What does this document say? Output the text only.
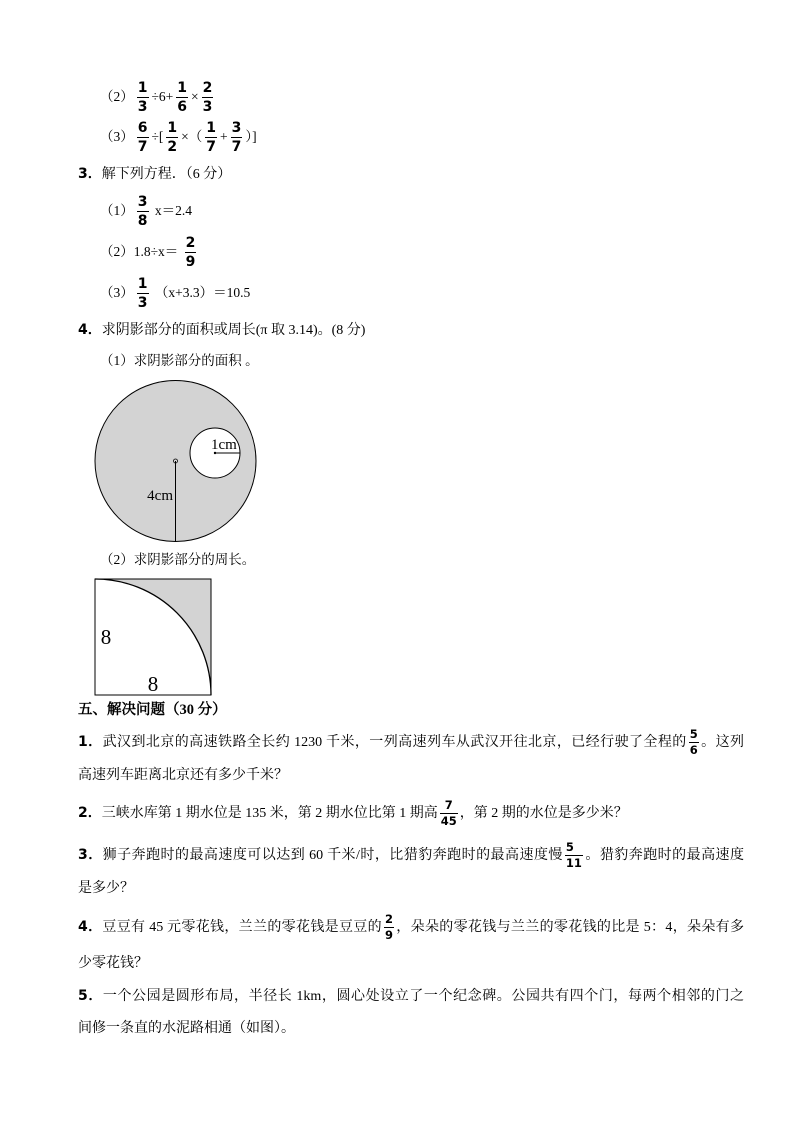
$(2) \frac{1}{3} \div 6+ \frac{1}{6} \times \frac{2}{3}$
$(3) \frac{6}{7}$ ÷[ $\frac{1}{2}$ ×（ $\frac{1}{7} + \frac{3}{7}$ ）]
3．解下列方程．（6 分）
$(1) \frac{3}{8} x=2.4$
$(2)1.8\div x= \frac{2}{9}$
$(3) \frac{1}{3} (x+3.3)=10.5$
4．求阴影部分的面积或周长(π 取 3.14)。(8 分)
（1）求阴影部分的面积 。
1cm
4cm
（2）求阴影部分的周长。
8
8
五、解决问题（30 分）
1．武汉到北京的高速铁路全长约 1230 千米，一列高速列车从武汉开往北京，已经行驶了全程的 $\frac{5}{6}$ 。这列
高速列车距离北京还有多少千米？
2．三峡水库第 1 期水位是 135 米，第 2 期水位比第 1 期高 $\frac{7}{45}$ ，第 2 期的水位是多少米？
3．狮子奔跑时的最高速度可以达到 60 千米/时，比猎豹奔跑时的最高速度慢 $\frac{5}{11}$ 。猎豹奔跑时的最高速度
是多少？
4．豆豆有 45 元零花钱，兰兰的零花钱是豆豆的 $\frac{2}{9}$ ，朵朵的零花钱与兰兰的零花钱的比是 5：4，朵朵有多
少零花钱？
5．一个公园是圆形布局，半径长 1km，圆心处设立了一个纪念碑。公园共有四个门，每两个相邻的门之
间修一条直的水泥路相通（如图）。
